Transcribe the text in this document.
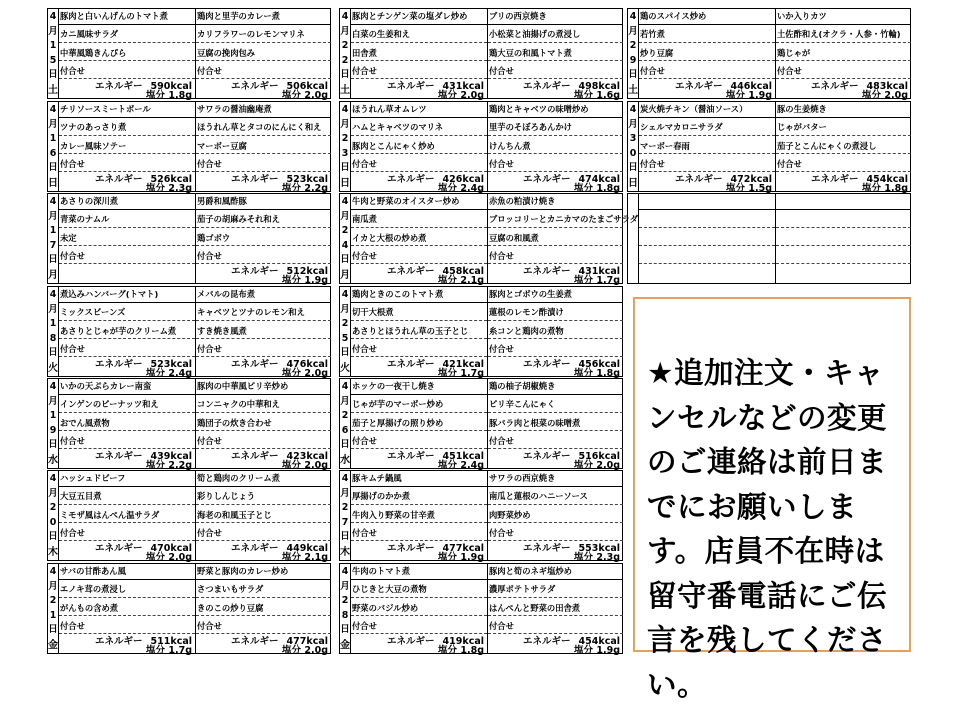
4
月
1
5
日
土
豚肉と白いんげんのトマト煮
カニ風味サラダ
中華風鶏きんぴら
付合せ
エネルギー 590kcal
塩分 1.8g
鶏肉と里芋のカレー煮
カリフラワーのレモンマリネ
豆腐の挽肉包み
付合せ
エネルギー 506kcal
塩分 2.0g
4
月
1
6
日
日
チリソースミートボール
ツナのあっさり煮
カレー風味ソテー
付合せ
エネルギー 526kcal
塩分 2.3g
サワラの醤油幽庵煮
ほうれん草とタコのにんにく和え
マーボー豆腐
付合せ
エネルギー 523kcal
塩分 2.2g
4
月
1
7
日
月
あさりの深川煮
青菜のナムル
未定
付合せ
男爵和風酢豚
茄子の胡麻みそれ和え
鶏ゴボウ
付合せ
エネルギー 512kcal
塩分 1.9g
4
月
1
8
日
火
煮込みハンバーグ(トマト)
ミックスビーンズ
あさりとじゃが芋のクリーム煮
付合せ
エネルギー 523kcal
塩分 2.4g
メバルの昆布煮
キャベツとツナのレモン和え
すき焼き風煮
付合せ
エネルギー 476kcal
塩分 2.0g
4
月
1
9
日
水
いかの天ぷらカレー南蛮
インゲンのピーナッツ和え
おでん風煮物
付合せ
エネルギー 439kcal
塩分 2.2g
豚肉の中華風ピリ辛炒め
コンニャクの中華和え
鶏団子の炊き合わせ
付合せ
エネルギー 423kcal
塩分 2.0g
4
月
2
0
日
木
ハッシュドビーフ
大豆五目煮
ミモザ風はんぺん温サラダ
付合せ
エネルギー 470kcal
塩分 2.0g
筍と鶏肉のクリーム煮
彩りしんじょう
海老の和風玉子とじ
付合せ
エネルギー 449kcal
塩分 2.1g
4
月
2
1
日
金
サバの甘酢あん風
エノキ茸の煮浸し
がんもの含め煮
付合せ
エネルギー 511kcal
塩分 1.7g
野菜と豚肉のカレー炒め
さつまいもサラダ
きのこの炒り豆腐
付合せ
エネルギー 477kcal
塩分 2.0g
4
月
2
2
日
土
豚肉とチンゲン菜の塩ダレ炒め
白菜の生姜和え
田舎煮
付合せ
エネルギー 431kcal
塩分 2.0g
ブリの西京焼き
小松菜と油揚げの煮浸し
鶏大豆の和風トマト煮
付合せ
エネルギー 498kcal
塩分 1.6g
4
月
2
3
日
日
ほうれん草オムレツ
ハムとキャベツのマリネ
豚肉とこんにゃく炒め
付合せ
エネルギー 426kcal
塩分 2.4g
鶏肉とキャベツの味噌炒め
里芋のそぼろあんかけ
けんちん煮
付合せ
エネルギー 474kcal
塩分 1.8g
4
月
2
4
日
月
牛肉と野菜のオイスター炒め
南瓜煮
イカと大根の炒め煮
付合せ
エネルギー 458kcal
塩分 2.1g
赤魚の粕漬け焼き
ブロッコリーとカニカマのたまごサラダ
豆腐の和風煮
付合せ
エネルギー 431kcal
塩分 1.7g
4
月
2
5
日
火
鶏肉ときのこのトマト煮
切干大根煮
あさりとほうれん草の玉子とじ
付合せ
エネルギー 421kcal
塩分 1.7g
豚肉とゴボウの生姜煮
蓮根のレモン酢漬け
糸コンと鶏肉の煮物
付合せ
エネルギー 456kcal
塩分 1.8g
4
月
2
6
日
水
ホッケの一夜干し焼き
じゃが芋のマーボー炒め
茄子と厚揚げの照り炒め
付合せ
エネルギー 451kcal
塩分 2.4g
鶏の柚子胡椒焼き
ピリ辛こんにゃく
豚バラ肉と根菜の味噌煮
付合せ
エネルギー 516kcal
塩分 2.0g
4
月
2
7
日
木
豚キムチ鍋風
厚揚げのかか煮
牛肉入り野菜の甘辛煮
付合せ
エネルギー 477kcal
塩分 1.9g
サワラの西京焼き
南瓜と蓮根のハニーソース
肉野菜炒め
付合せ
エネルギー 553kcal
塩分 2.3g
4
月
2
8
日
金
牛肉のトマト煮
ひじきと大豆の煮物
野菜のバジル炒め
付合せ
エネルギー 419kcal
塩分 1.8g
豚肉と筍のネギ塩炒め
濃厚ポテトサラダ
はんぺんと野菜の田舎煮
付合せ
エネルギー 454kcal
塩分 1.9g
4
月
2
9
日
土
鶏のスパイス炒め
若竹煮
炒り豆腐
付合せ
エネルギー 446kcal
塩分 1.9g
いか入りカツ
土佐酢和え(オクラ・人参・竹輪)
鶏じゃが
付合せ
エネルギー 483kcal
塩分 2.0g
4
月
3
0
日
日
炭火焼チキン（醤油ソース）
シェルマカロニサラダ
マーボー春雨
付合せ
エネルギー 472kcal
塩分 1.5g
豚の生姜焼き
じゃがバター
茄子とこんにゃくの煮浸し
付合せ
エネルギー 454kcal
塩分 1.8g

★追加注文・キャンセルなどの変更のご連絡は前日までにお願いします。店員不在時は留守番電話にご伝言を残してください。
